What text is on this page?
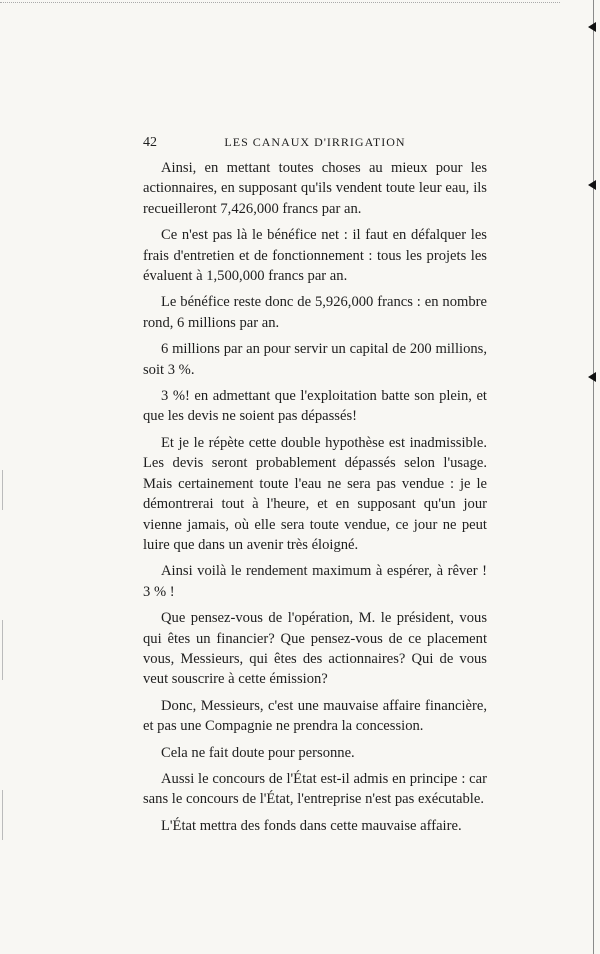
42	LES CANAUX D'IRRIGATION

Ainsi, en mettant toutes choses au mieux pour les actionnaires, en supposant qu'ils vendent toute leur eau, ils recueilleront 7,426,000 francs par an.

Ce n'est pas là le bénéfice net : il faut en défalquer les frais d'entretien et de fonctionnement : tous les projets les évaluent à 1,500,000 francs par an.

Le bénéfice reste donc de 5,926,000 francs : en nombre rond, 6 millions par an.

6 millions par an pour servir un capital de 200 millions, soit 3 %.

3 %! en admettant que l'exploitation batte son plein, et que les devis ne soient pas dépassés!

Et je le répète cette double hypothèse est inadmissible. Les devis seront probablement dépassés selon l'usage. Mais certainement toute l'eau ne sera pas vendue : je le démontrerai tout à l'heure, et en supposant qu'un jour vienne jamais, où elle sera toute vendue, ce jour ne peut luire que dans un avenir très éloigné.

Ainsi voilà le rendement maximum à espérer, à rêver ! 3 % !

Que pensez-vous de l'opération, M. le président, vous qui êtes un financier? Que pensez-vous de ce placement vous, Messieurs, qui êtes des actionnaires? Qui de vous veut souscrire à cette émission?

Donc, Messieurs, c'est une mauvaise affaire financière, et pas une Compagnie ne prendra la concession.

Cela ne fait doute pour personne.

Aussi le concours de l'État est-il admis en principe : car sans le concours de l'État, l'entreprise n'est pas exécutable.

L'État mettra des fonds dans cette mauvaise affaire.
